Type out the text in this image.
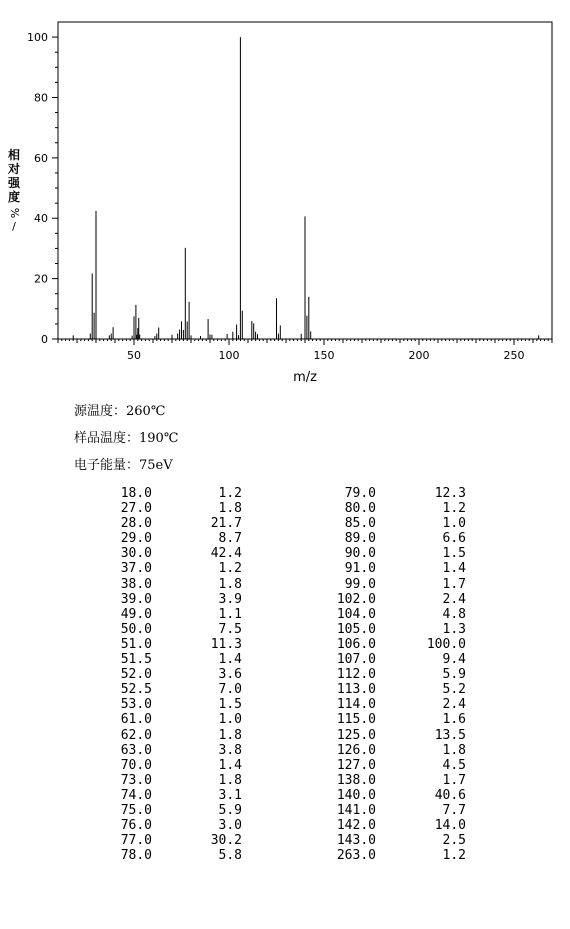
0
20
40
60
80
100
50	100	150	200	250
m/z
相
对
强
度
%
/
源温度：260℃
样品温度：190℃
电子能量：75eV
18.0	1.2	79.0	12.3
27.0	1.8	80.0	1.2
28.0	21.7	85.0	1.0
29.0	8.7	89.0	6.6
30.0	42.4	90.0	1.5
37.0	1.2	91.0	1.4
38.0	1.8	99.0	1.7
39.0	3.9	102.0	2.4
49.0	1.1	104.0	4.8
50.0	7.5	105.0	1.3
51.0	11.3	106.0	100.0
51.5	1.4	107.0	9.4
52.0	3.6	112.0	5.9
52.5	7.0	113.0	5.2
53.0	1.5	114.0	2.4
61.0	1.0	115.0	1.6
62.0	1.8	125.0	13.5
63.0	3.8	126.0	1.8
70.0	1.4	127.0	4.5
73.0	1.8	138.0	1.7
74.0	3.1	140.0	40.6
75.0	5.9	141.0	7.7
76.0	3.0	142.0	14.0
77.0	30.2	143.0	2.5
78.0	5.8	263.0	1.2
